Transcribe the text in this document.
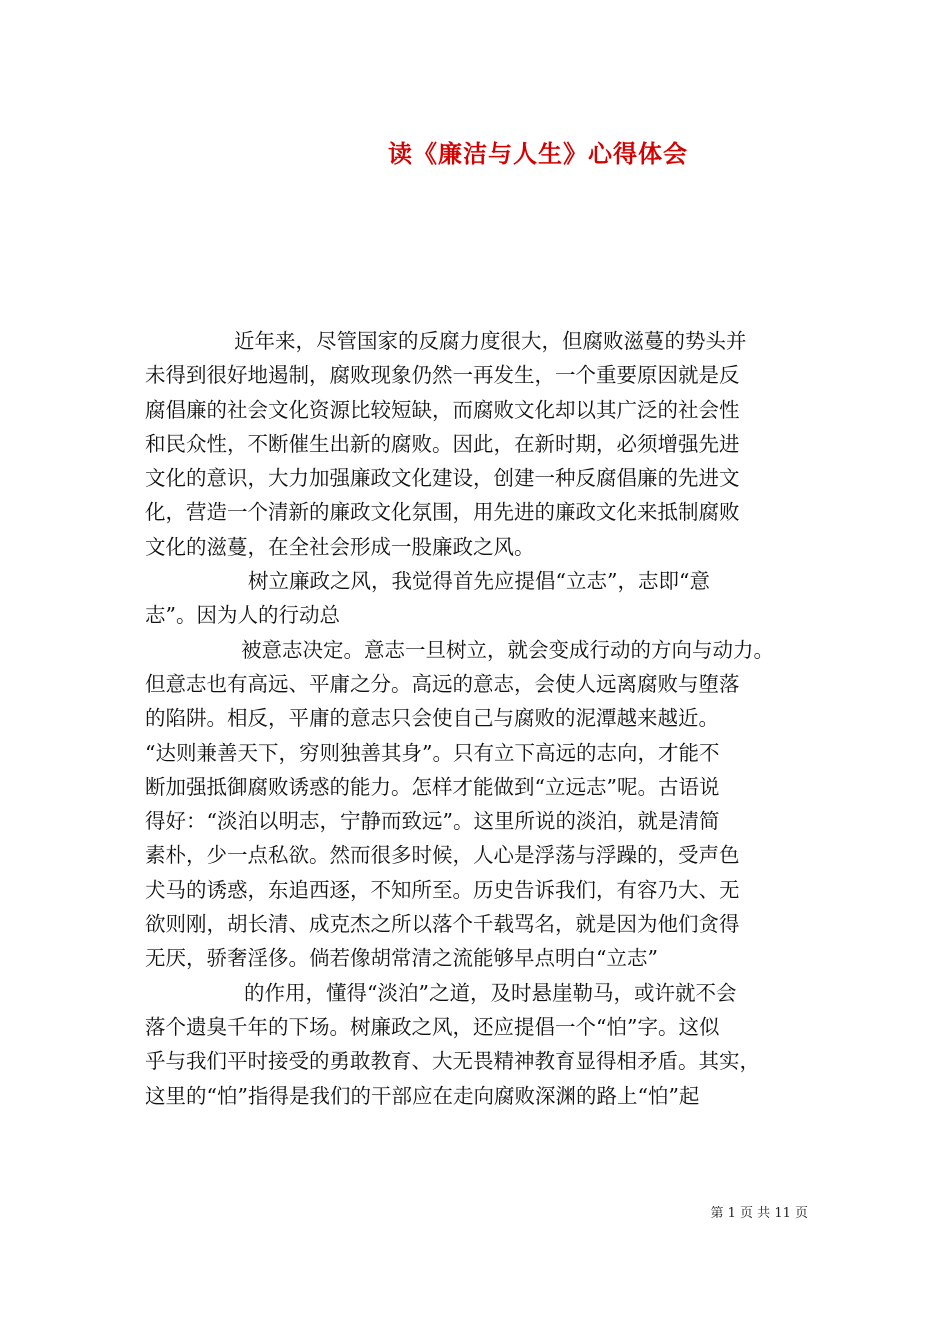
读《廉洁与人生》心得体会
近年来，尽管国家的反腐力度很大，但腐败滋蔓的势头并
未得到很好地遏制，腐败现象仍然一再发生，一个重要原因就是反
腐倡廉的社会文化资源比较短缺，而腐败文化却以其广泛的社会性
和民众性，不断催生出新的腐败。因此，在新时期，必须增强先进
文化的意识，大力加强廉政文化建设，创建一种反腐倡廉的先进文
化，营造一个清新的廉政文化氛围，用先进的廉政文化来抵制腐败
文化的滋蔓，在全社会形成一股廉政之风。
树立廉政之风，我觉得首先应提倡“立志”，志即“意
志”。因为人的行动总
被意志决定。意志一旦树立，就会变成行动的方向与动力。
但意志也有高远、平庸之分。高远的意志，会使人远离腐败与堕落
的陷阱。相反，平庸的意志只会使自己与腐败的泥潭越来越近。
“达则兼善天下，穷则独善其身”。只有立下高远的志向，才能不
断加强抵御腐败诱惑的能力。怎样才能做到“立远志”呢。古语说
得好：“淡泊以明志，宁静而致远”。这里所说的淡泊，就是清简
素朴，少一点私欲。然而很多时候，人心是浮荡与浮躁的，受声色
犬马的诱惑，东追西逐，不知所至。历史告诉我们，有容乃大、无
欲则刚，胡长清、成克杰之所以落个千载骂名，就是因为他们贪得
无厌，骄奢淫侈。倘若像胡常清之流能够早点明白“立志”
的作用，懂得“淡泊”之道，及时悬崖勒马，或许就不会
落个遗臭千年的下场。树廉政之风，还应提倡一个“怕”字。这似
乎与我们平时接受的勇敢教育、大无畏精神教育显得相矛盾。其实，
这里的“怕”指得是我们的干部应在走向腐败深渊的路上“怕”起
第 1 页 共 11 页
